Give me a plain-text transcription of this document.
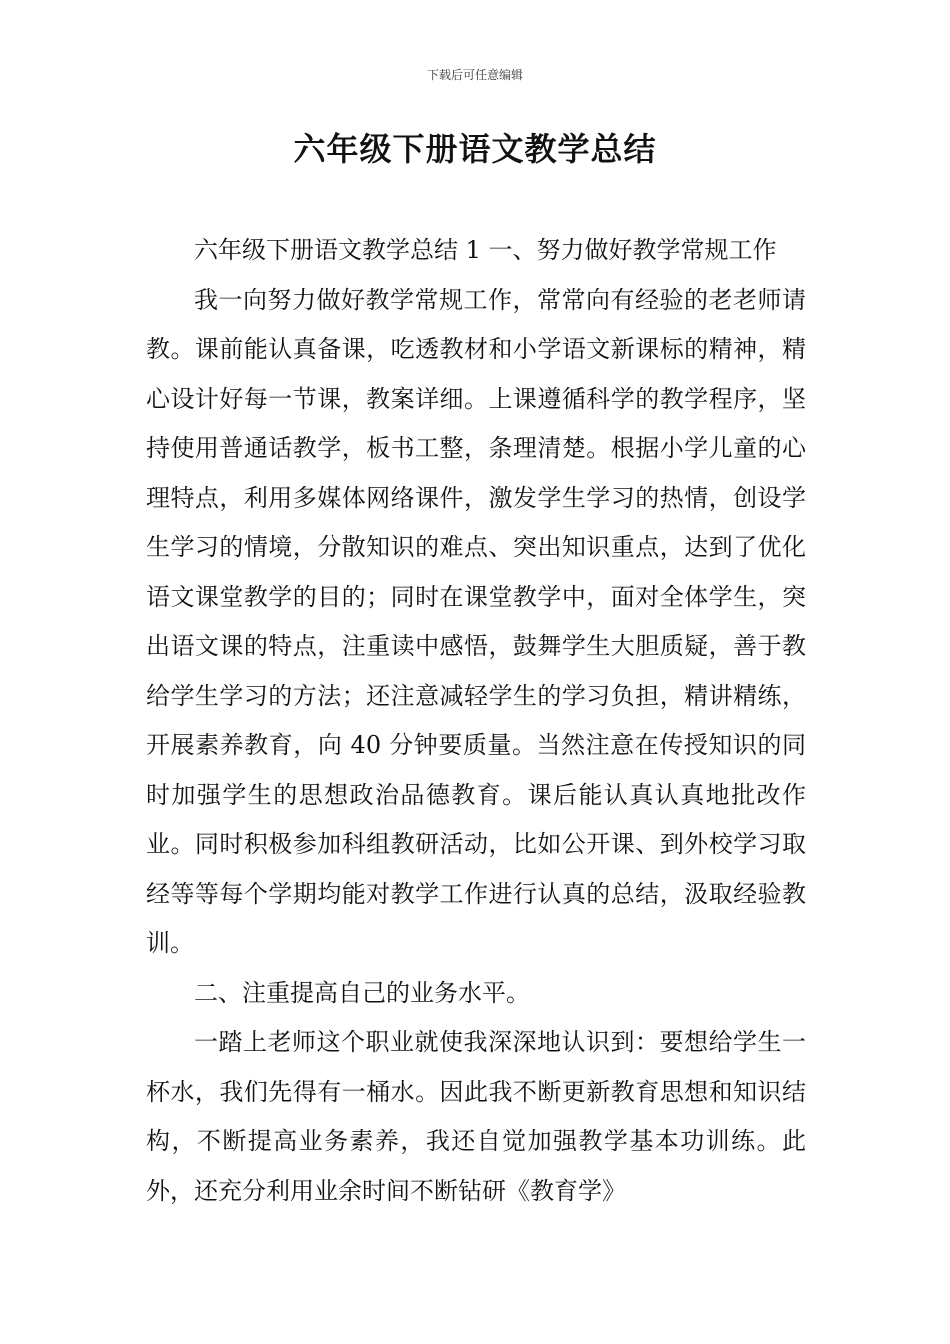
下载后可任意编辑
六年级下册语文教学总结

六年级下册语文教学总结 1 一、努力做好教学常规工作

我一向努力做好教学常规工作，常常向有经验的老老师请教。课前能认真备课，吃透教材和小学语文新课标的精神，精心设计好每一节课，教案详细。上课遵循科学的教学程序，坚持使用普通话教学，板书工整，条理清楚。根据小学儿童的心理特点，利用多媒体网络课件，激发学生学习的热情，创设学生学习的情境，分散知识的难点、突出知识重点，达到了优化语文课堂教学的目的；同时在课堂教学中，面对全体学生，突出语文课的特点，注重读中感悟，鼓舞学生大胆质疑，善于教给学生学习的方法；还注意减轻学生的学习负担，精讲精练，开展素养教育，向 40 分钟要质量。当然注意在传授知识的同时加强学生的思想政治品德教育。课后能认真认真地批改作业。同时积极参加科组教研活动，比如公开课、到外校学习取经等等每个学期均能对教学工作进行认真的总结，汲取经验教训。

二、注重提高自己的业务水平。

一踏上老师这个职业就使我深深地认识到：要想给学生一杯水，我们先得有一桶水。因此我不断更新教育思想和知识结构，不断提高业务素养，我还自觉加强教学基本功训练。此外，还充分利用业余时间不断钻研《教育学》
